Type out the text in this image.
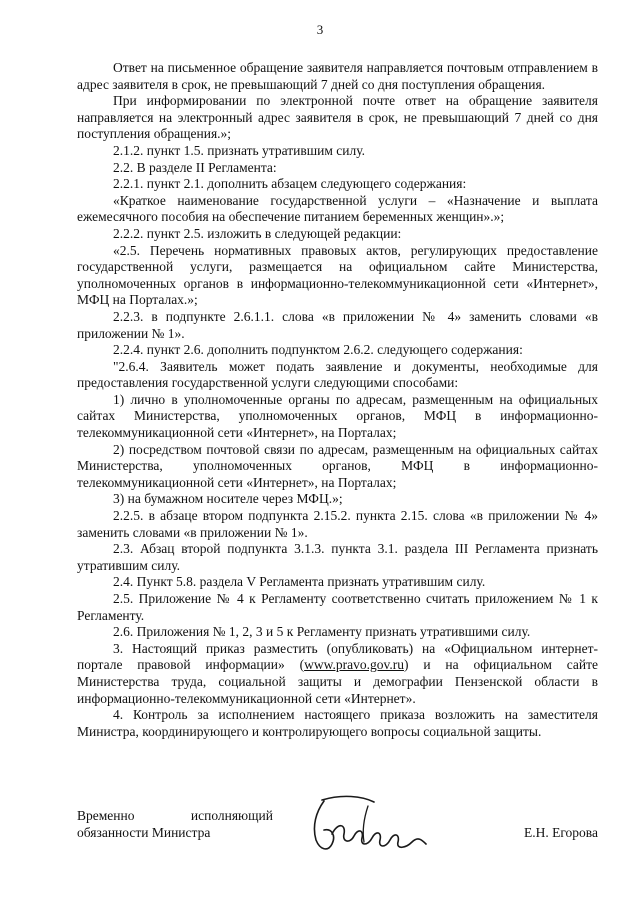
3

Ответ на письменное обращение заявителя направляется почтовым отправлением в адрес заявителя в срок, не превышающий 7 дней со дня поступления обращения.

При информировании по электронной почте ответ на обращение заявителя направляется на электронный адрес заявителя в срок, не превышающий 7 дней со дня поступления обращения.»;

2.1.2. пункт 1.5. признать утратившим силу.

2.2. В разделе II Регламента:

2.2.1. пункт 2.1. дополнить абзацем следующего содержания:

«Краткое наименование государственной услуги – «Назначение и выплата ежемесячного пособия на обеспечение питанием беременных женщин».»;

2.2.2. пункт 2.5. изложить в следующей редакции:

«2.5. Перечень нормативных правовых актов, регулирующих предоставление государственной услуги, размещается на официальном сайте Министерства, уполномоченных органов в информационно-телекоммуникационной сети «Интернет», МФЦ на Порталах.»;

2.2.3. в подпункте 2.6.1.1. слова «в приложении № 4» заменить словами «в приложении № 1».

2.2.4. пункт 2.6. дополнить подпунктом 2.6.2. следующего содержания:

"2.6.4. Заявитель может подать заявление и документы, необходимые для предоставления государственной услуги следующими способами:

1) лично в уполномоченные органы по адресам, размещенным на официальных сайтах Министерства, уполномоченных органов, МФЦ в информационно-телекоммуникационной сети «Интернет», на Порталах;

2) посредством почтовой связи по адресам, размещенным на официальных сайтах Министерства, уполномоченных органов, МФЦ в информационно-телекоммуникационной сети «Интернет», на Порталах;

3) на бумажном носителе через МФЦ.»;

2.2.5. в абзаце втором подпункта 2.15.2. пункта 2.15. слова «в приложении № 4» заменить словами «в приложении № 1».

2.3. Абзац второй подпункта 3.1.3. пункта 3.1. раздела III Регламента признать утратившим силу.

2.4. Пункт 5.8. раздела V Регламента признать утратившим силу.

2.5. Приложение № 4 к Регламенту соответственно считать приложением № 1 к Регламенту.

2.6. Приложения № 1, 2, 3 и 5 к Регламенту признать утратившими силу.

3. Настоящий приказ разместить (опубликовать) на «Официальном интернет-портале правовой информации» (www.pravo.gov.ru) и на официальном сайте Министерства труда, социальной защиты и демографии Пензенской области в информационно-телекоммуникационной сети «Интернет».

4. Контроль за исполнением настоящего приказа возложить на заместителя Министра, координирующего и контролирующего вопросы социальной защиты.

Временно	исполняющий
обязанности Министра	Е.Н. Егорова
